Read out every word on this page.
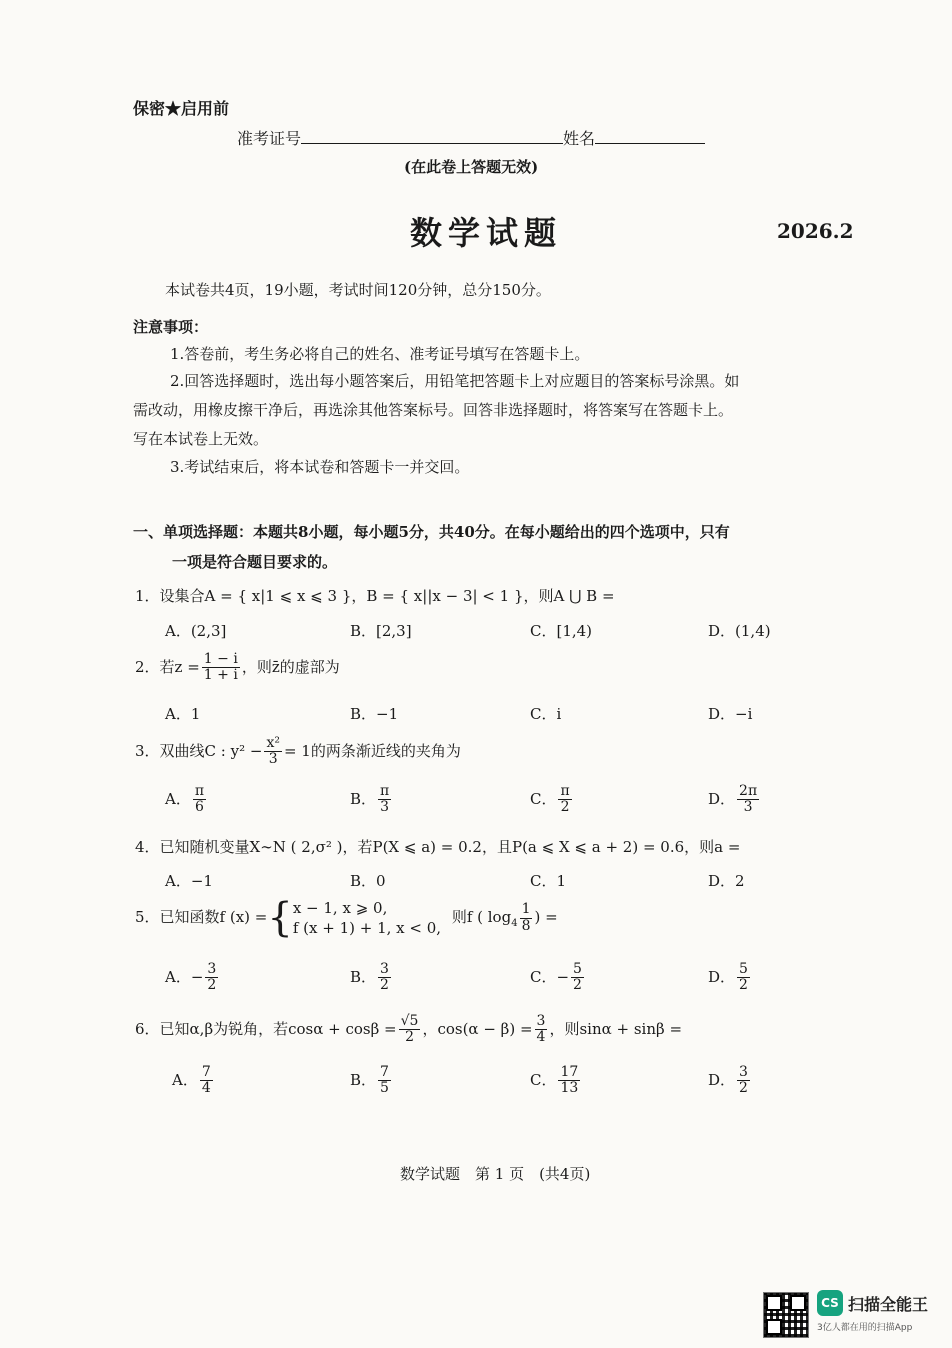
保密★启用前
准考证号	姓名
(在此卷上答题无效)
数学试题	2026.2
本试卷共4页，19小题，考试时间120分钟，总分150分。
注意事项：
1.答卷前，考生务必将自己的姓名、准考证号填写在答题卡上。
2.回答选择题时，选出每小题答案后，用铅笔把答题卡上对应题目的答案标号涂黑。如
需改动，用橡皮擦干净后，再选涂其他答案标号。回答非选择题时，将答案写在答题卡上。
写在本试卷上无效。
3.考试结束后，将本试卷和答题卡一并交回。
一、单项选择题：本题共8小题，每小题5分，共40分。在每小题给出的四个选项中，只有
一项是符合题目要求的。
1．设集合A = { x|1 ⩽ x ⩽ 3 }，B = { x||x − 3| < 1 }，则A ⋃ B =
A．(2,3]	B．[2,3]	C．[1,4)	D．(1,4)
2．若$z = \frac{1 - i}{1 + i}$ ，则z̄的虚部为
A．1	B．−1	C．i	D．−i
3．双曲线C : $y^2 - \frac{\text{x²}}{3} = 1$的两条渐近线的夹角为
A． $\frac{\pi}{6}$	B． $\frac{\pi}{3}$	C． $\frac{\pi}{2}$	D． $\frac{2\pi}{3}$
4．已知随机变量X∼N ( 2,σ² )，若P(X ⩽ a) = 0.2，且P(a ⩽ X ⩽ a + 2) = 0.6，则a =
A．−1	B．0	C．1	D．2
5．已知函数f (x) ={ x − 1, x ⩾ 0,
f (x + 1) + 1, x < 0,
则f ( $\log_4 \frac{1}{8}$ ) =
A．− $\frac{3}{2}$	B． $\frac{3}{2}$	C．− $\frac{5}{2}$	D． $\frac{5}{2}$
6．已知α,β为锐角，若$\cos\alpha + \cos\beta = \frac{√5}{2}$ ，$\cos(\alpha - \beta) = \frac{3}{4}$ ，则sinα + sinβ =
A． $\frac{7}{4}$	B． $\frac{7}{5}$	C． $\frac{17}{13}$	D． $\frac{3}{2}$
数学试题　第 1 页　(共4页)
CS 扫描全能王
3亿人都在用的扫描App
